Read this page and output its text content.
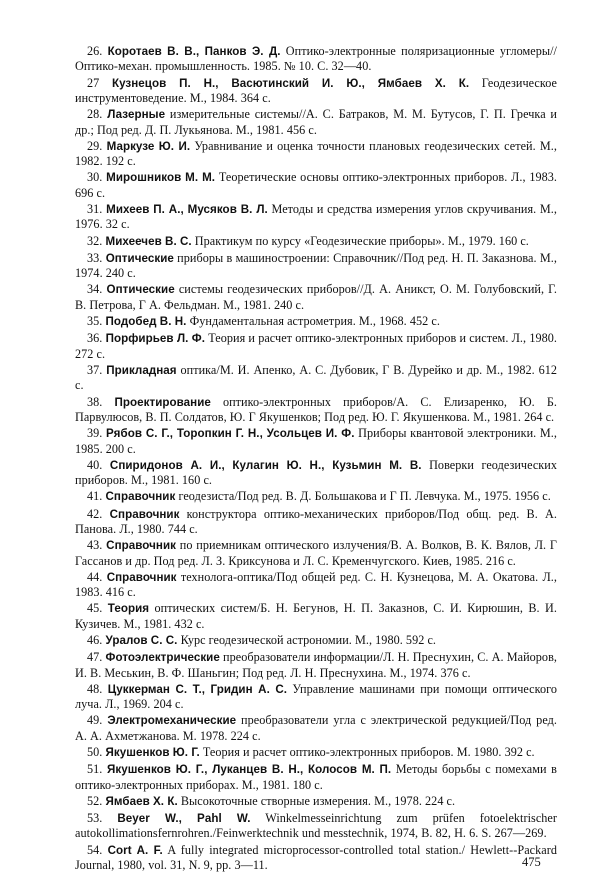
26. Коротаев В. В., Панков Э. Д. Оптико-электронные поляризационные угломеры//Оптико-механ. промышленность. 1985. № 10. С. 32—40.

27 Кузнецов П. Н., Васютинский И. Ю., Ямбаев Х. К. Геодезическое инструментоведение. М., 1984. 364 с.

28. Лазерные измерительные системы//А. С. Батраков, М. М. Бутусов, Г. П. Гречка и др.; Под ред. Д. П. Лукьянова. М., 1981. 456 с.

29. Маркузе Ю. И. Уравнивание и оценка точности плановых геодезических сетей. М., 1982. 192 с.

30. Мирошников М. М. Теоретические основы оптико-электронных приборов. Л., 1983. 696 с.

31. Михеев П. А., Мусяков В. Л. Методы и средства измерения углов скручивания. М., 1976. 32 с.

32. Михеечев В. С. Практикум по курсу «Геодезические приборы». М., 1979. 160 с.

33. Оптические приборы в машиностроении: Справочник//Под ред. Н. П. Заказнова. М., 1974. 240 с.

34. Оптические системы геодезических приборов//Д. А. Аникст, О. М. Голубовский, Г. В. Петрова, Г А. Фельдман. М., 1981. 240 с.

35. Подобед В. Н. Фундаментальная астрометрия. М., 1968. 452 с.

36. Порфирьев Л. Ф. Теория и расчет оптико-электронных приборов и систем. Л., 1980. 272 с.

37. Прикладная оптика/М. И. Апенко, А. С. Дубовик, Г В. Дурейко и др. М., 1982. 612 с.

38. Проектирование оптико-электронных приборов/А. С. Елизаренко, Ю. Б. Парвулюсов, В. П. Солдатов, Ю. Г Якушенков; Под ред. Ю. Г. Якушенкова. М., 1981. 264 с.

39. Рябов С. Г., Торопкин Г. Н., Усольцев И. Ф. Приборы квантовой электроники. М., 1985. 200 с.

40. Спиридонов А. И., Кулагин Ю. Н., Кузьмин М. В. Поверки геодезических приборов. М., 1981. 160 с.

41. Справочник геодезиста/Под ред. В. Д. Большакова и Г П. Левчука. М., 1975. 1956 с.

42. Справочник конструктора оптико-механических приборов/Под общ. ред. В. А. Панова. Л., 1980. 744 с.

43. Справочник по приемникам оптического излучения/В. А. Волков, В. К. Вялов, Л. Г Гассанов и др. Под ред. Л. З. Криксунова и Л. С. Кременчугского. Киев, 1985. 216 с.

44. Справочник технолога-оптика/Под общей ред. С. Н. Кузнецова, М. А. Окатова. Л., 1983. 416 с.

45. Теория оптических систем/Б. Н. Бегунов, Н. П. Заказнов, С. И. Кирюшин, В. И. Кузичев. М., 1981. 432 с.

46. Уралов С. С. Курс геодезической астрономии. М., 1980. 592 с.

47. Фотоэлектрические преобразователи информации/Л. Н. Преснухин, С. А. Майоров, И. В. Меськин, В. Ф. Шаньгин; Под ред. Л. Н. Преснухина. М., 1974. 376 с.

48. Цуккерман С. Т., Гридин А. С. Управление машинами при помощи оптического луча. Л., 1969. 204 с.

49. Электромеханические преобразователи угла с электрической редукцией/Под ред. А. А. Ахметжанова. М. 1978. 224 с.

50. Якушенков Ю. Г. Теория и расчет оптико-электронных приборов. М. 1980. 392 с.

51. Якушенков Ю. Г., Луканцев В. Н., Колосов М. П. Методы борьбы с помехами в оптико-электронных приборах. М., 1981. 180 с.

52. Ямбаев Х. К. Высокоточные створные измерения. М., 1978. 224 с.

53. Beyer W., Pahl W. Winkelmesseinrichtung zum prüfen fotoelektrischer autokollimationsfernrohren./Feinwerktechnik und messtechnik, 1974, B. 82, H. 6. S. 267—269.

54. Cort A. F. A fully integrated microprocessor-controlled total station./ Hewlett--Packard Journal, 1980, vol. 31, N. 9, pp. 3—11.	475
